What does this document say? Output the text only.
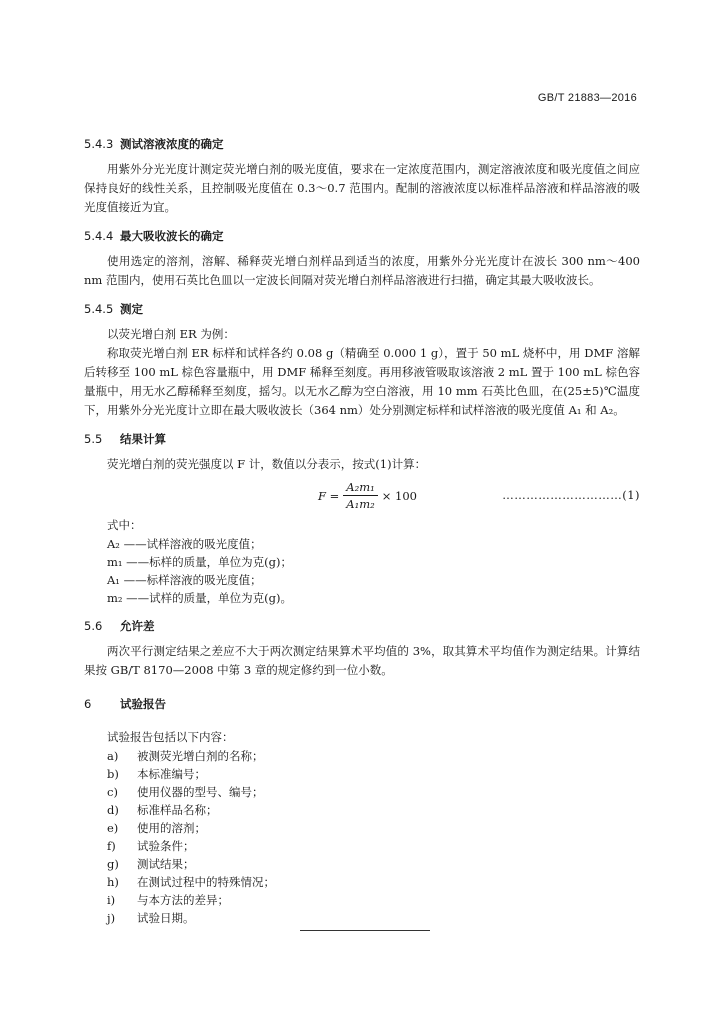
GB/T 21883—2016
5.4.3 测试溶液浓度的确定

用紫外分光光度计测定荧光增白剂的吸光度值，要求在一定浓度范围内，测定溶液浓度和吸光度值之间应保持良好的线性关系，且控制吸光度值在 0.3～0.7 范围内。配制的溶液浓度以标准样品溶液和样品溶液的吸光度值接近为宜。

5.4.4 最大吸收波长的确定

使用选定的溶剂，溶解、稀释荧光增白剂样品到适当的浓度，用紫外分光光度计在波长 300 nm～400 nm 范围内，使用石英比色皿以一定波长间隔对荧光增白剂样品溶液进行扫描，确定其最大吸收波长。

5.4.5 测定

以荧光增白剂 ER 为例：

称取荧光增白剂 ER 标样和试样各约 0.08 g（精确至 0.000 1 g），置于 50 mL 烧杯中，用 DMF 溶解后转移至 100 mL 棕色容量瓶中，用 DMF 稀释至刻度。再用移液管吸取该溶液 2 mL 置于 100 mL 棕色容量瓶中，用无水乙醇稀释至刻度，摇匀。以无水乙醇为空白溶液，用 10 mm 石英比色皿，在(25±5)℃温度下，用紫外分光光度计立即在最大吸收波长（364 nm）处分别测定标样和试样溶液的吸光度值 A₁ 和 A₂。

5.5 结果计算

荧光增白剂的荧光强度以 F 计，数值以分表示，按式(1)计算：

$F = \frac{\text{A₂m₁}}{\text{A₁m₂}} \times 100$	…………………………(1)

式中：

A₂ ——试样溶液的吸光度值；

m₁ ——标样的质量，单位为克(g)；

A₁ ——标样溶液的吸光度值；

m₂ ——试样的质量，单位为克(g)。

5.6 允许差

两次平行测定结果之差应不大于两次测定结果算术平均值的 3%，取其算术平均值作为测定结果。计算结果按 GB/T 8170—2008 中第 3 章的规定修约到一位小数。

6 试验报告

试验报告包括以下内容：

a)	被测荧光增白剂的名称；

b)	本标准编号；

c)	使用仪器的型号、编号；

d)	标准样品名称；

e)	使用的溶剂；

f)	试验条件；

g)	测试结果；

h)	在测试过程中的特殊情况；

i)	与本方法的差异；

j)	试验日期。
